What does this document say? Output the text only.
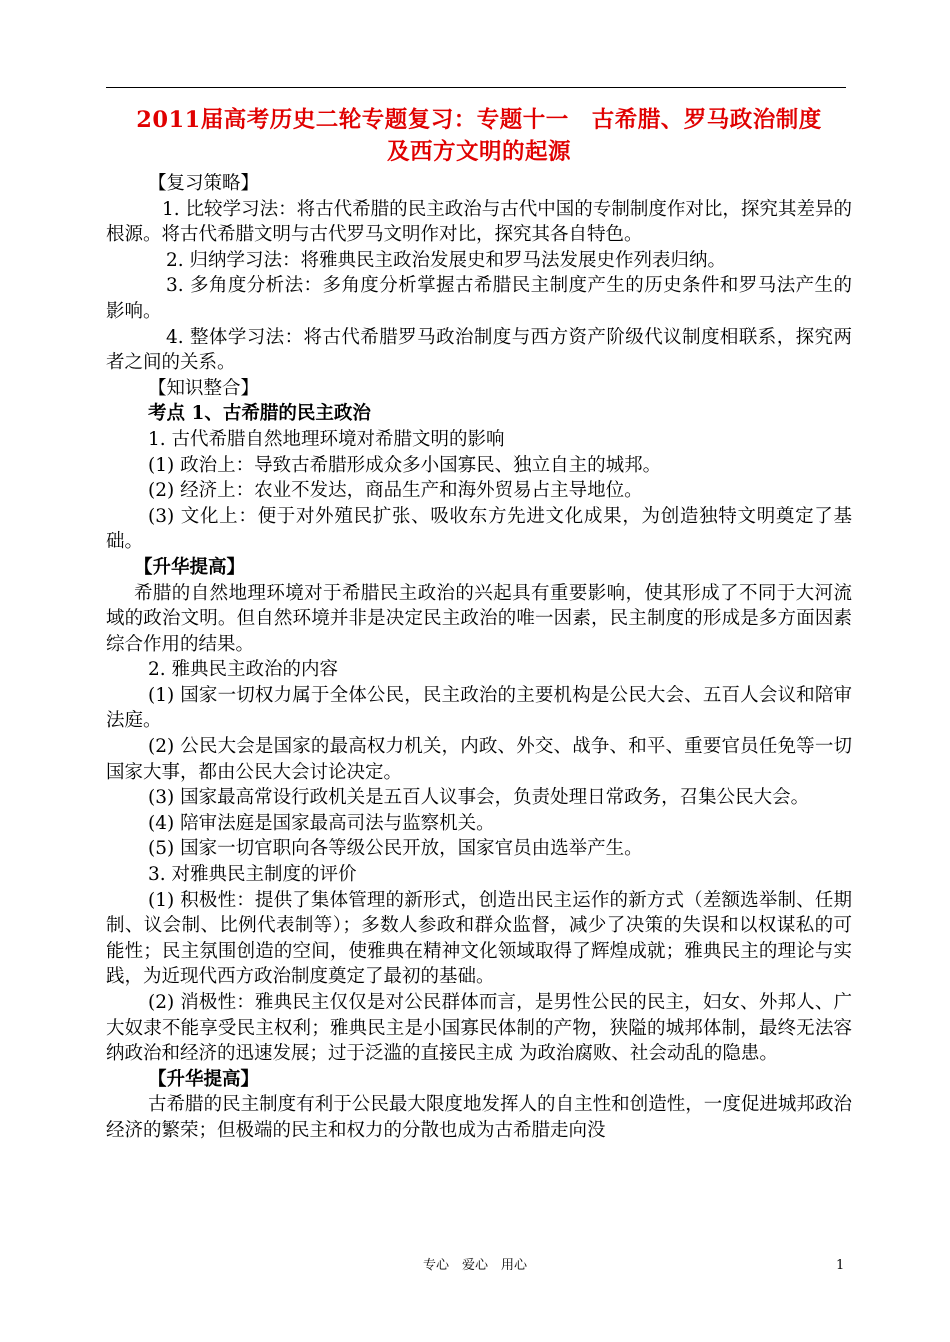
2011届高考历史二轮专题复习：专题十一　古希腊、罗马政治制度
及西方文明的起源

【复习策略】

1. 比较学习法：将古代希腊的民主政治与古代中国的专制制度作对比，探究其差异的根源。将古代希腊文明与古代罗马文明作对比，探究其各自特色。

2. 归纳学习法：将雅典民主政治发展史和罗马法发展史作列表归纳。

3. 多角度分析法：多角度分析掌握古希腊民主制度产生的历史条件和罗马法产生的影响。

4. 整体学习法：将古代希腊罗马政治制度与西方资产阶级代议制度相联系，探究两者之间的关系。

【知识整合】

考点 1、古希腊的民主政治

1. 古代希腊自然地理环境对希腊文明的影响

(1) 政治上：导致古希腊形成众多小国寡民、独立自主的城邦。

(2) 经济上：农业不发达，商品生产和海外贸易占主导地位。

(3) 文化上：便于对外殖民扩张、吸收东方先进文化成果，为创造独特文明奠定了基础。

【升华提高】

希腊的自然地理环境对于希腊民主政治的兴起具有重要影响，使其形成了不同于大河流域的政治文明。但自然环境并非是决定民主政治的唯一因素，民主制度的形成是多方面因素综合作用的结果。

2. 雅典民主政治的内容

(1) 国家一切权力属于全体公民，民主政治的主要机构是公民大会、五百人会议和陪审法庭。

(2) 公民大会是国家的最高权力机关，内政、外交、战争、和平、重要官员任免等一切国家大事，都由公民大会讨论决定。

(3) 国家最高常设行政机关是五百人议事会，负责处理日常政务，召集公民大会。

(4) 陪审法庭是国家最高司法与监察机关。

(5) 国家一切官职向各等级公民开放，国家官员由选举产生。

3. 对雅典民主制度的评价

(1) 积极性：提供了集体管理的新形式，创造出民主运作的新方式（差额选举制、任期制、议会制、比例代表制等）；多数人参政和群众监督，减少了决策的失误和以权谋私的可能性；民主氛围创造的空间，使雅典在精神文化领域取得了辉煌成就；雅典民主的理论与实践，为近现代西方政治制度奠定了最初的基础。

(2) 消极性：雅典民主仅仅是对公民群体而言，是男性公民的民主，妇女、外邦人、广大奴隶不能享受民主权利；雅典民主是小国寡民体制的产物，狭隘的城邦体制，最终无法容纳政治和经济的迅速发展；过于泛滥的直接民主成 为政治腐败、社会动乱的隐患。

【升华提高】

古希腊的民主制度有利于公民最大限度地发挥人的自主性和创造性，一度促进城邦政治经济的繁荣；但极端的民主和权力的分散也成为古希腊走向没

专心　爱心　用心	1
